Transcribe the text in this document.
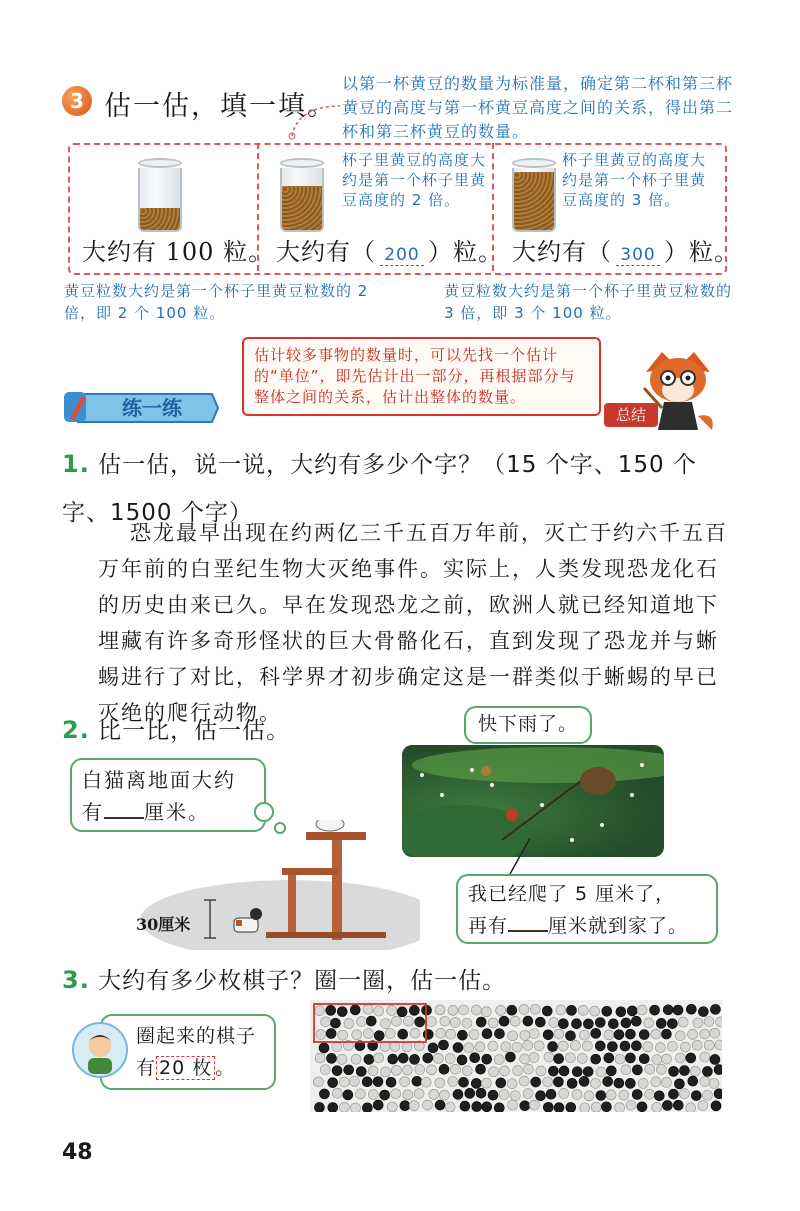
3 估一估，填一填。
以第一杯黄豆的数量为标准量，确定第二杯和第三杯黄豆的高度与第一杯黄豆高度之间的关系，得出第二杯和第三杯黄豆的数量。
大约有 100 粒。
杯子里黄豆的高度大约是第一个杯子里黄豆高度的 2 倍。
大约有（ 200 ）粒。
杯子里黄豆的高度大约是第一个杯子里黄豆高度的 3 倍。
大约有（ 300 ）粒。
黄豆粒数大约是第一个杯子里黄豆粒数的 2 倍，即 2 个 100 粒。
黄豆粒数大约是第一个杯子里黄豆粒数的 3 倍，即 3 个 100 粒。
估计较多事物的数量时，可以先找一个估计的“单位”，即先估计出一部分，再根据部分与整体之间的关系，估计出整体的数量。
总结
练一练
1. 估一估，说一说，大约有多少个字？（15 个字、150 个字、1500 个字）
恐龙最早出现在约两亿三千五百万年前，灭亡于约六千五百万年前的白垩纪生物大灭绝事件。实际上，人类发现恐龙化石的历史由来已久。早在发现恐龙之前，欧洲人就已经知道地下埋藏有许多奇形怪状的巨大骨骼化石，直到发现了恐龙并与蜥蜴进行了对比，科学界才初步确定这是一群类似于蜥蜴的早已灭绝的爬行动物。
2. 比一比，估一估。
白猫离地面大约
有 厘米。
快下雨了。
我已经爬了 5 厘米了，
再有 厘米就到家了。
30厘米
3. 大约有多少枚棋子？圈一圈，估一估。
圈起来的棋子
有 20 枚 。
48
